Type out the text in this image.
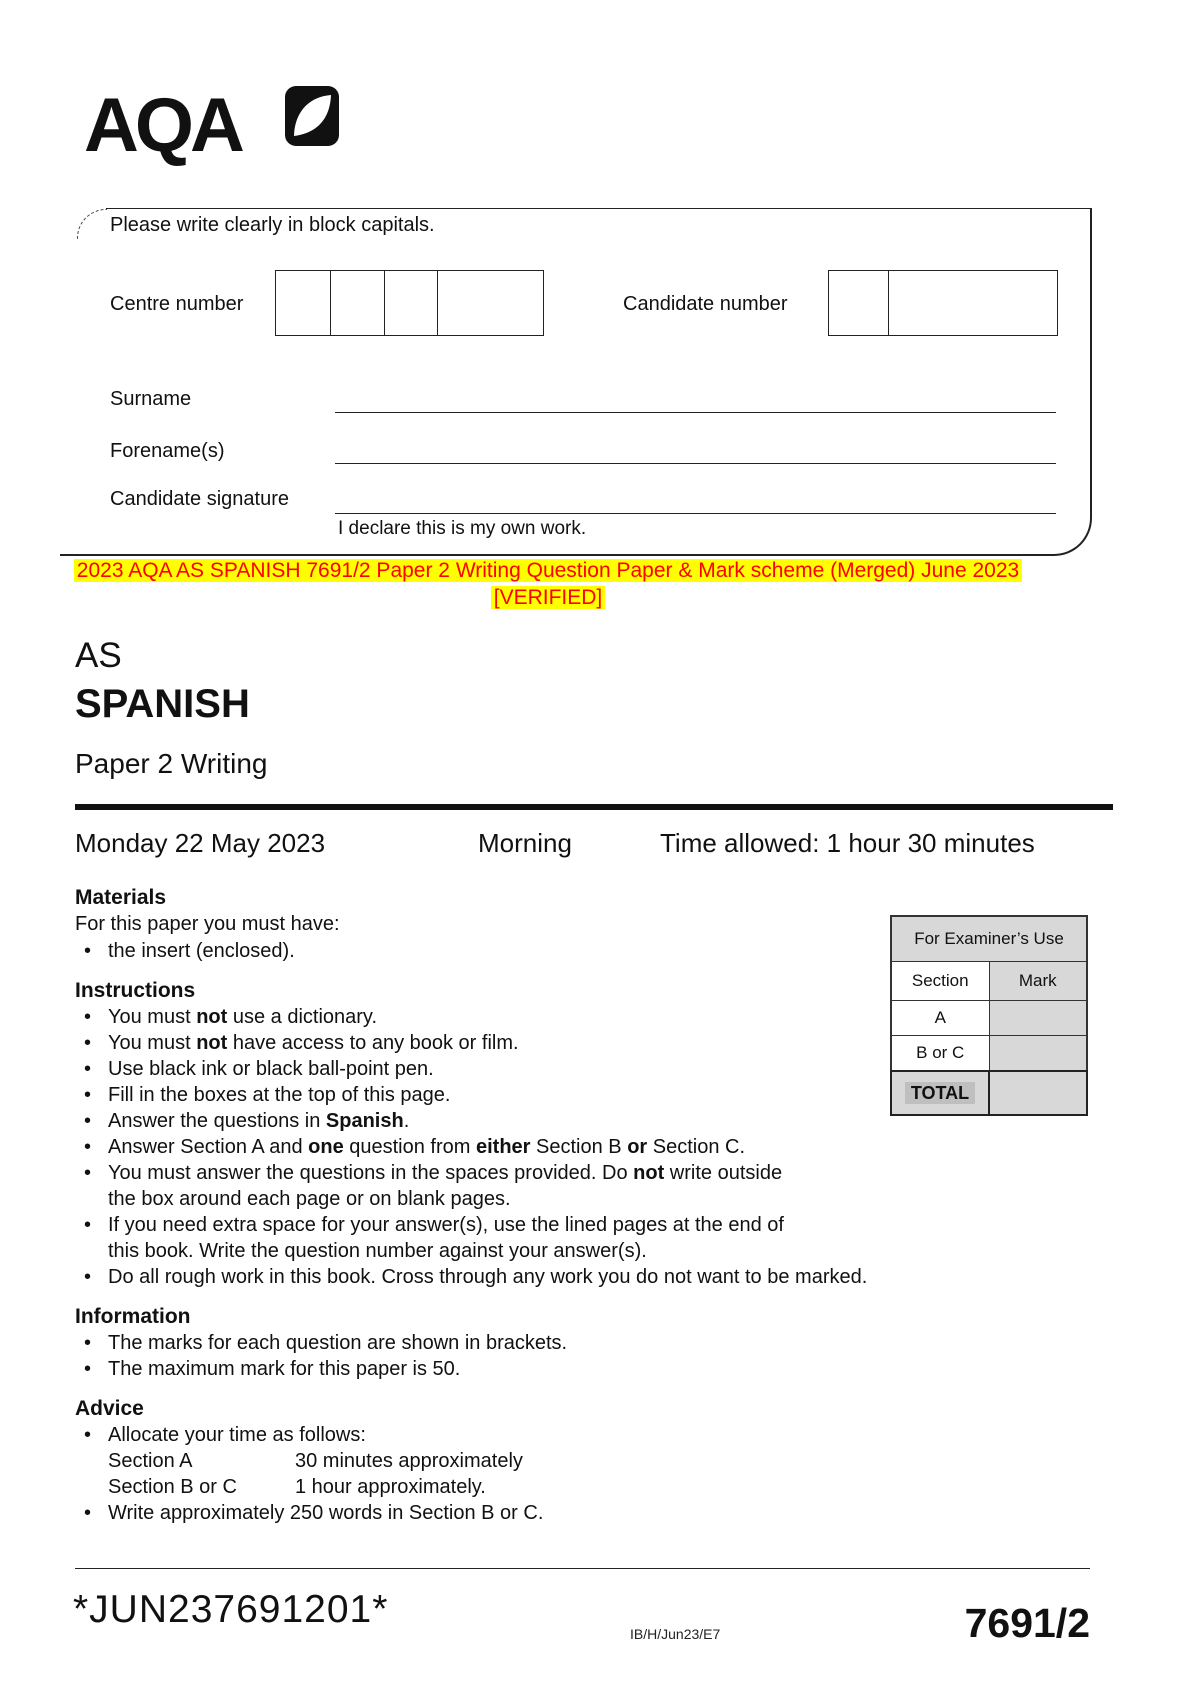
AQA
Please write clearly in block capitals.
Centre number	Candidate number
Surname
Forename(s)
Candidate signature
I declare this is my own work.
2023 AQA AS SPANISH 7691/2 Paper 2 Writing Question Paper & Mark scheme (Merged) June 2023
[VERIFIED]
AS
SPANISH
Paper 2 Writing
Monday 22 May 2023	Morning	Time allowed: 1 hour 30 minutes
For Examiner’s Use	
Section	Mark
A	
B or C	
TOTAL	
Materials

For this paper you must have:

• the insert (enclosed).
Instructions
• You must not use a dictionary.
• You must not have access to any book or film.
• Use black ink or black ball-point pen.
• Fill in the boxes at the top of this page.
• Answer the questions in Spanish.
• Answer Section A and one question from either Section B or Section C.
• You must answer the questions in the spaces provided. Do not write outside
the box around each page or on blank pages.
• If you need extra space for your answer(s), use the lined pages at the end of
this book. Write the question number against your answer(s).
• Do all rough work in this book. Cross through any work you do not want to be marked.
Information
• The marks for each question are shown in brackets.
• The maximum mark for this paper is 50.
Advice
• Allocate your time as follows:
Section A	30 minutes approximately
Section B or C	1 hour approximately.
• Write approximately 250 words in Section B or C.
*JUN237691201*
IB/H/Jun23/E7	7691/2
